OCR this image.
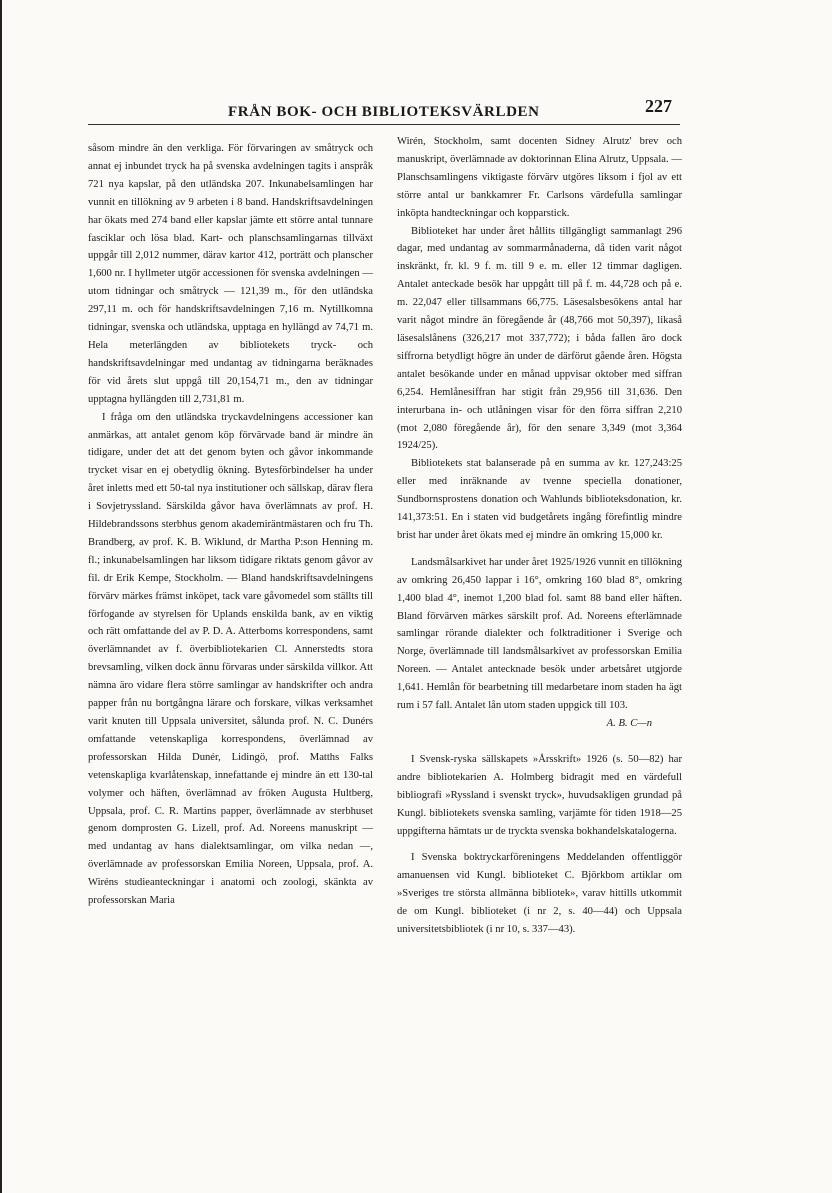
FRÅN BOK- OCH BIBLIOTEKSVÄRLDEN	227

såsom mindre än den verkliga. För förvaringen av småtryck och annat ej inbundet tryck ha på svenska avdelningen tagits i anspråk 721 nya kapslar, på den utländska 207. Inkunabelsamlingen har vunnit en tillökning av 9 arbeten i 8 band. Handskriftsavdelningen har ökats med 274 band eller kapslar jämte ett större antal tunnare fasciklar och lösa blad. Kart- och planschsamlingarnas tillväxt uppgår till 2,012 nummer, därav kartor 412, porträtt och planscher 1,600 nr. I hyllmeter utgör accessionen för svenska avdelningen — utom tidningar och småtryck — 121,39 m., för den utländska 297,11 m. och för handskriftsavdelningen 7,16 m. Nytillkomna tidningar, svenska och utländska, upptaga en hyllängd av 74,71 m. Hela meterlängden av bibliotekets tryck- och handskriftsavdelningar med undantag av tidningarna beräknades för vid årets slut uppgå till 20,154,71 m., den av tidningar upptagna hyllängden till 2,731,81 m.

I fråga om den utländska tryckavdelningens accessioner kan anmärkas, att antalet genom köp förvärvade band är mindre än tidigare, under det att det genom byten och gåvor inkommande trycket visar en ej obetydlig ökning. Bytesförbindelser ha under året inletts med ett 50-tal nya institutioner och sällskap, därav flera i Sovjetryssland. Särskilda gåvor hava överlämnats av prof. H. Hildebrandssons sterbhus genom akademiräntmästaren och fru Th. Brandberg, av prof. K. B. Wiklund, dr Martha P:son Henning m. fl.; inkunabelsamlingen har liksom tidigare riktats genom gåvor av fil. dr Erik Kempe, Stockholm. — Bland handskriftsavdelningens förvärv märkes främst inköpet, tack vare gåvomedel som ställts till förfogande av styrelsen för Uplands enskilda bank, av en viktig och rätt omfattande del av P. D. A. Atterboms korrespondens, samt överlämnandet av f. överbibliotekarien Cl. Annerstedts stora brevsamling, vilken dock ännu förvaras under särskilda villkor. Att nämna äro vidare flera större samlingar av handskrifter och andra papper från nu bortgångna lärare och forskare, vilkas verksamhet varit knuten till Uppsala universitet, sålunda prof. N. C. Dunérs omfattande vetenskapliga korrespondens, överlämnad av professorskan Hilda Dunér, Lidingö, prof. Matths Falks vetenskapliga kvarlåtenskap, innefattande ej mindre än ett 130-tal volymer och häften, överlämnad av fröken Augusta Hultberg, Uppsala, prof. C. R. Martins papper, överlämnade av sterbhuset genom domprosten G. Lizell, prof. Ad. Noreens manuskript — med undantag av hans dialektsamlingar, om vilka nedan —, överlämnade av professorskan Emilia Noreen, Uppsala, prof. A. Wiréns studieanteckningar i anatomi och zoologi, skänkta av professorskan Maria

Wirén, Stockholm, samt docenten Sidney Alrutz' brev och manuskript, överlämnade av doktorinnan Elina Alrutz, Uppsala. — Planschsamlingens viktigaste förvärv utgöres liksom i fjol av ett större antal ur bankkamrer Fr. Carlsons värdefulla samlingar inköpta handteckningar och kopparstick.

Biblioteket har under året hållits tillgängligt sammanlagt 296 dagar, med undantag av sommarmånaderna, då tiden varit något inskränkt, fr. kl. 9 f. m. till 9 e. m. eller 12 timmar dagligen. Antalet anteckade besök har uppgått till på f. m. 44,728 och på e. m. 22,047 eller tillsammans 66,775. Läsesalsbesökens antal har varit något mindre än föregående år (48,766 mot 50,397), likaså läsesalslånens (326,217 mot 337,772); i båda fallen äro dock siffrorna betydligt högre än under de därförut gående åren. Högsta antalet besökande under en månad uppvisar oktober med siffran 6,254. Hemlånesiffran har stigit från 29,956 till 31,636. Den interurbana in- och utlåningen visar för den förra siffran 2,210 (mot 2,080 föregående år), för den senare 3,349 (mot 3,364 1924/25).

Bibliotekets stat balanserade på en summa av kr. 127,243:25 eller med inräknande av tvenne speciella donationer, Sundbornsprostens donation och Wahlunds biblioteksdonation, kr. 141,373:51. En i staten vid budgetårets ingång förefintlig mindre brist har under året ökats med ej mindre än omkring 15,000 kr.

Landsmålsarkivet har under året 1925/1926 vunnit en tillökning av omkring 26,450 lappar i 16°, omkring 160 blad 8°, omkring 1,400 blad 4°, inemot 1,200 blad fol. samt 88 band eller häften. Bland förvärven märkes särskilt prof. Ad. Noreens efterlämnade samlingar rörande dialekter och folktraditioner i Sverige och Norge, överlämnade till landsmålsarkivet av professorskan Emilia Noreen. — Antalet antecknade besök under arbetsåret utgjorde 1,641. Hemlån för bearbetning till medarbetare inom staden ha ägt rum i 57 fall. Antalet lån utom staden uppgick till 103.

A. B. C—n

I Svensk-ryska sällskapets »Årsskrift» 1926 (s. 50—82) har andre bibliotekarien A. Holmberg bidragit med en värdefull bibliografi »Ryssland i svenskt tryck», huvudsakligen grundad på Kungl. bibliotekets svenska samling, varjämte för tiden 1918—25 uppgifterna hämtats ur de tryckta svenska bokhandelskatalogerna.

I Svenska boktryckarföreningens Meddelanden offentliggör amanuensen vid Kungl. biblioteket C. Björkbom artiklar om »Sveriges tre största allmänna bibliotek», varav hittills utkommit de om Kungl. biblioteket (i nr 2, s. 40—44) och Uppsala universitetsbibliotek (i nr 10, s. 337—43).
